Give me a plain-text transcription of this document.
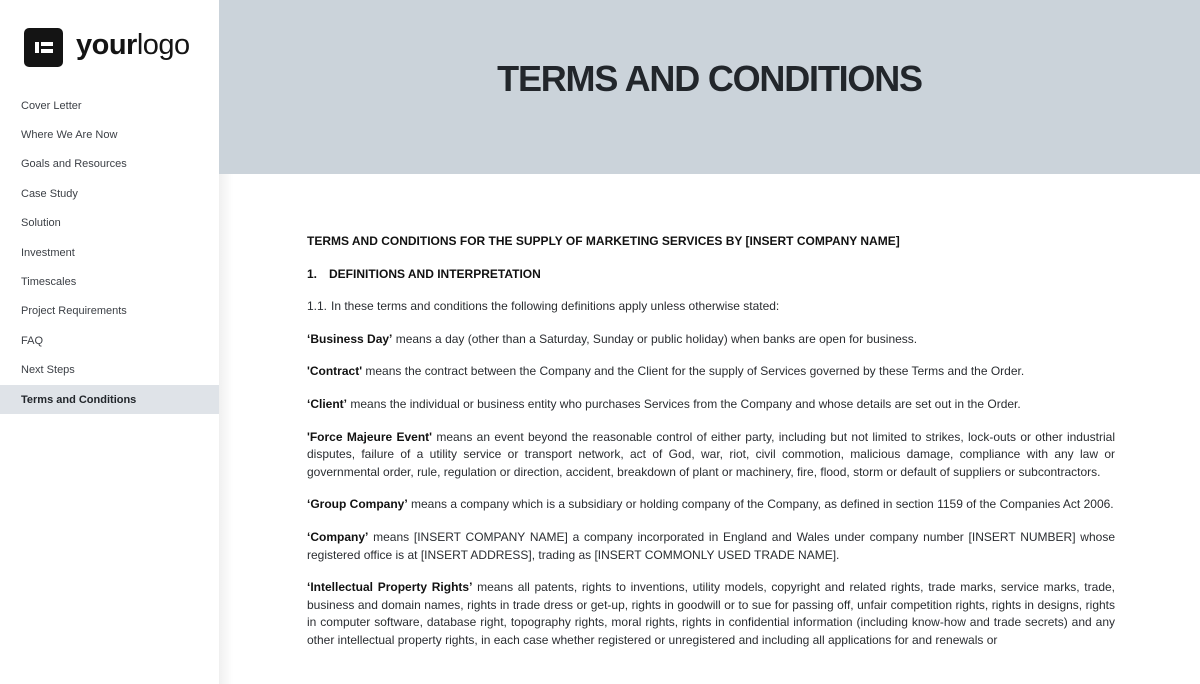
yourlogo
Cover Letter
Where We Are Now
Goals and Resources
Case Study
Solution
Investment
Timescales
Project Requirements
FAQ
Next Steps
Terms and Conditions
TERMS AND CONDITIONS

TERMS AND CONDITIONS FOR THE SUPPLY OF MARKETING SERVICES BY [INSERT COMPANY NAME]

1. DEFINITIONS AND INTERPRETATION

1.1. In these terms and conditions the following definitions apply unless otherwise stated:

‘Business Day’ means a day (other than a Saturday, Sunday or public holiday) when banks are open for business.

'Contract' means the contract between the Company and the Client for the supply of Services governed by these Terms and the Order.

‘Client’ means the individual or business entity who purchases Services from the Company and whose details are set out in the Order.

'Force Majeure Event' means an event beyond the reasonable control of either party, including but not limited to strikes, lock-outs or other industrial disputes, failure of a utility service or transport network, act of God, war, riot, civil commotion, malicious damage, compliance with any law or governmental order, rule, regulation or direction, accident, breakdown of plant or machinery, fire, flood, storm or default of suppliers or subcontractors.

‘Group Company’ means a company which is a subsidiary or holding company of the Company, as defined in section 1159 of the Companies Act 2006.

‘Company’ means [INSERT COMPANY NAME] a company incorporated in England and Wales under company number [INSERT NUMBER] whose registered office is at [INSERT ADDRESS], trading as [INSERT COMMONLY USED TRADE NAME].

‘Intellectual Property Rights’ means all patents, rights to inventions, utility models, copyright and related rights, trade marks, service marks, trade, business and domain names, rights in trade dress or get-up, rights in goodwill or to sue for passing off, unfair competition rights, rights in designs, rights in computer software, database right, topography rights, moral rights, rights in confidential information (including know-how and trade secrets) and any other intellectual property rights, in each case whether registered or unregistered and including all applications for and renewals or
